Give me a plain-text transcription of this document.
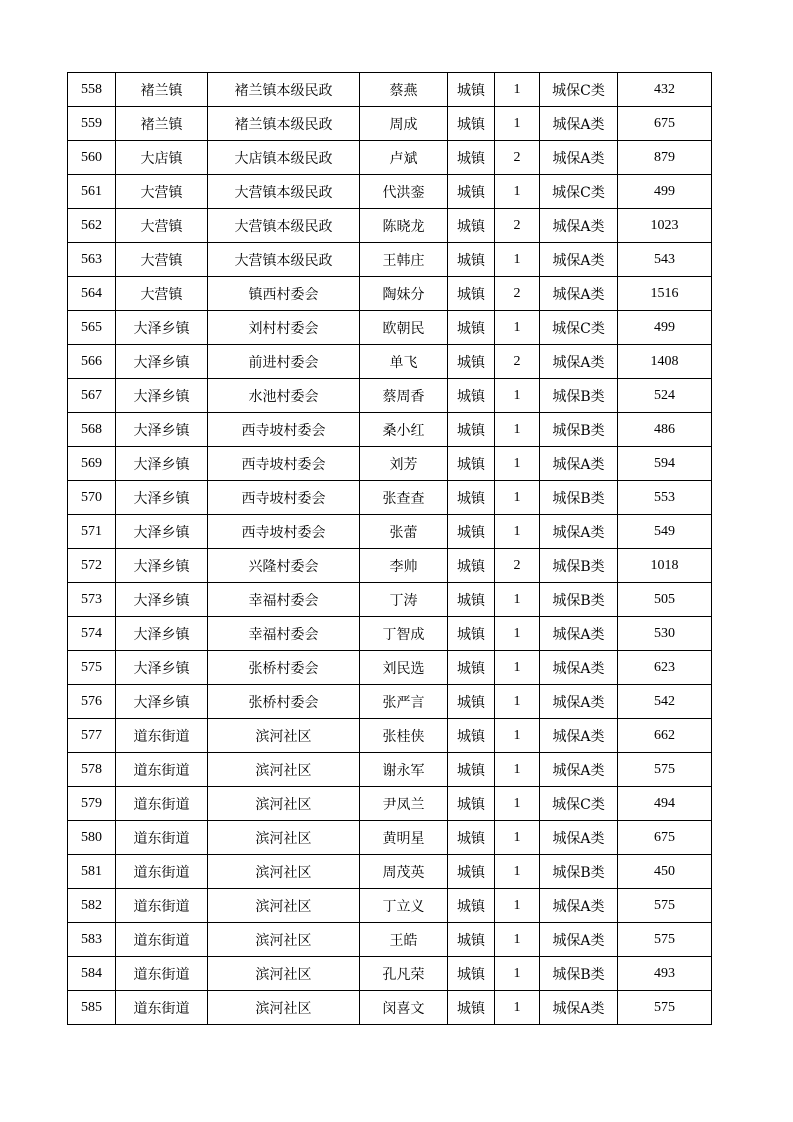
558	褚兰镇	褚兰镇本级民政	蔡燕	城镇	1	城保C类	432
559	褚兰镇	褚兰镇本级民政	周成	城镇	1	城保A类	675
560	大店镇	大店镇本级民政	卢斌	城镇	2	城保A类	879
561	大营镇	大营镇本级民政	代洪銮	城镇	1	城保C类	499
562	大营镇	大营镇本级民政	陈晓龙	城镇	2	城保A类	1023
563	大营镇	大营镇本级民政	王韩庄	城镇	1	城保A类	543
564	大营镇	镇西村委会	陶妹分	城镇	2	城保A类	1516
565	大泽乡镇	刘村村委会	欧朝民	城镇	1	城保C类	499
566	大泽乡镇	前进村委会	单飞	城镇	2	城保A类	1408
567	大泽乡镇	水池村委会	蔡周香	城镇	1	城保B类	524
568	大泽乡镇	西寺坡村委会	桑小红	城镇	1	城保B类	486
569	大泽乡镇	西寺坡村委会	刘芳	城镇	1	城保A类	594
570	大泽乡镇	西寺坡村委会	张查查	城镇	1	城保B类	553
571	大泽乡镇	西寺坡村委会	张蕾	城镇	1	城保A类	549
572	大泽乡镇	兴隆村委会	李帅	城镇	2	城保B类	1018
573	大泽乡镇	幸福村委会	丁涛	城镇	1	城保B类	505
574	大泽乡镇	幸福村委会	丁智成	城镇	1	城保A类	530
575	大泽乡镇	张桥村委会	刘民选	城镇	1	城保A类	623
576	大泽乡镇	张桥村委会	张严言	城镇	1	城保A类	542
577	道东街道	滨河社区	张桂侠	城镇	1	城保A类	662
578	道东街道	滨河社区	谢永军	城镇	1	城保A类	575
579	道东街道	滨河社区	尹凤兰	城镇	1	城保C类	494
580	道东街道	滨河社区	黄明星	城镇	1	城保A类	675
581	道东街道	滨河社区	周茂英	城镇	1	城保B类	450
582	道东街道	滨河社区	丁立义	城镇	1	城保A类	575
583	道东街道	滨河社区	王皓	城镇	1	城保A类	575
584	道东街道	滨河社区	孔凡荣	城镇	1	城保B类	493
585	道东街道	滨河社区	闵喜文	城镇	1	城保A类	575
